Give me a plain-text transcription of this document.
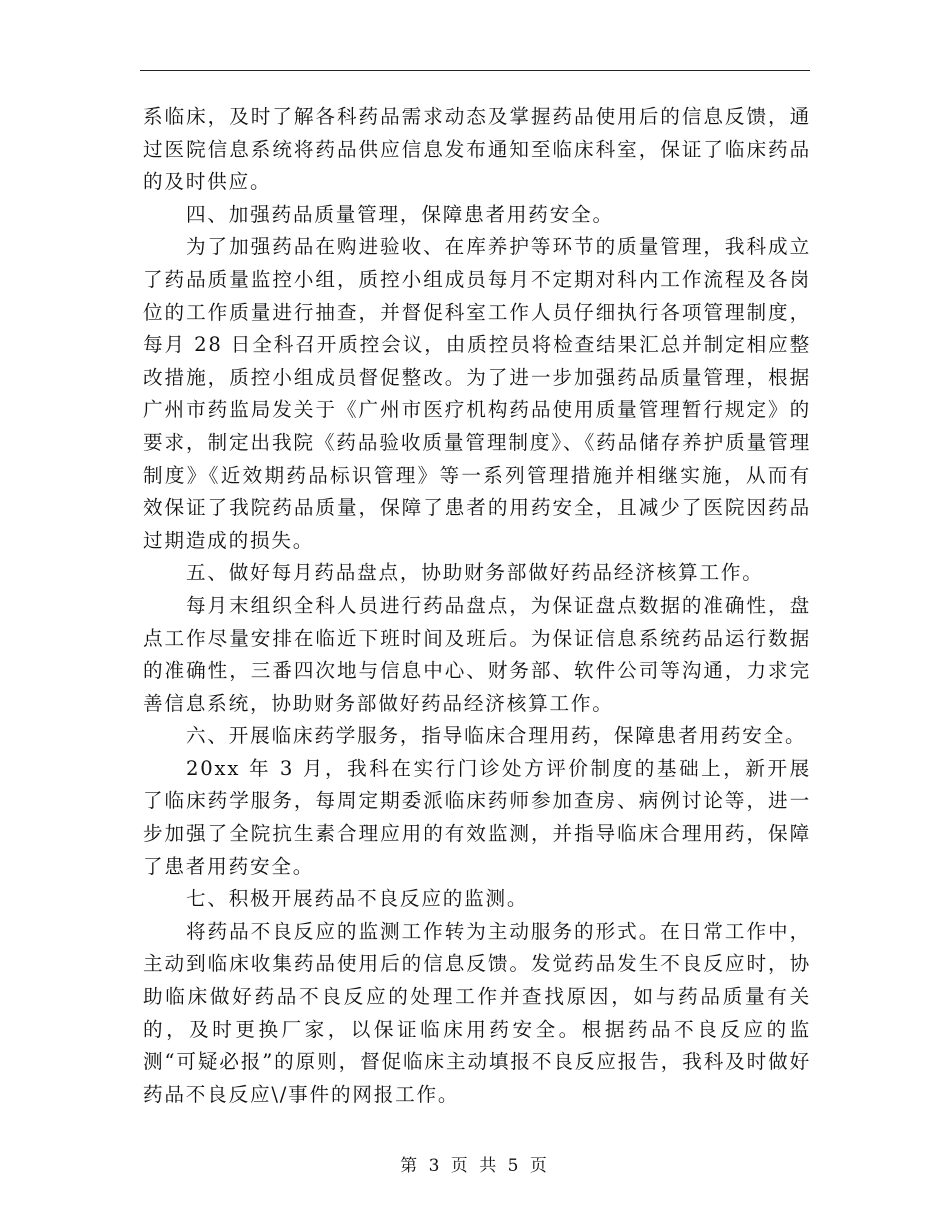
系临床，及时了解各科药品需求动态及掌握药品使用后的信息反馈，通过医院信息系统将药品供应信息发布通知至临床科室，保证了临床药品的及时供应。

四、加强药品质量管理，保障患者用药安全。

为了加强药品在购进验收、在库养护等环节的质量管理，我科成立了药品质量监控小组，质控小组成员每月不定期对科内工作流程及各岗位的工作质量进行抽查，并督促科室工作人员仔细执行各项管理制度，每月 28 日全科召开质控会议，由质控员将检查结果汇总并制定相应整改措施，质控小组成员督促整改。为了进一步加强药品质量管理，根据广州市药监局发关于《广州市医疗机构药品使用质量管理暂行规定》的要求，制定出我院《药品验收质量管理制度》、《药品储存养护质量管理制度》《近效期药品标识管理》等一系列管理措施并相继实施，从而有效保证了我院药品质量，保障了患者的用药安全，且减少了医院因药品过期造成的损失。

五、做好每月药品盘点，协助财务部做好药品经济核算工作。

每月末组织全科人员进行药品盘点，为保证盘点数据的准确性，盘点工作尽量安排在临近下班时间及班后。为保证信息系统药品运行数据的准确性，三番四次地与信息中心、财务部、软件公司等沟通，力求完善信息系统，协助财务部做好药品经济核算工作。

六、开展临床药学服务，指导临床合理用药，保障患者用药安全。

20xx 年 3 月，我科在实行门诊处方评价制度的基础上，新开展了临床药学服务，每周定期委派临床药师参加查房、病例讨论等，进一步加强了全院抗生素合理应用的有效监测，并指导临床合理用药，保障了患者用药安全。

七、积极开展药品不良反应的监测。

将药品不良反应的监测工作转为主动服务的形式。在日常工作中，主动到临床收集药品使用后的信息反馈。发觉药品发生不良反应时，协助临床做好药品不良反应的处理工作并查找原因，如与药品质量有关的，及时更换厂家，以保证临床用药安全。根据药品不良反应的监测“可疑必报”的原则，督促临床主动填报不良反应报告，我科及时做好药品不良反应\/事件的网报工作。

第 3 页 共 5 页
